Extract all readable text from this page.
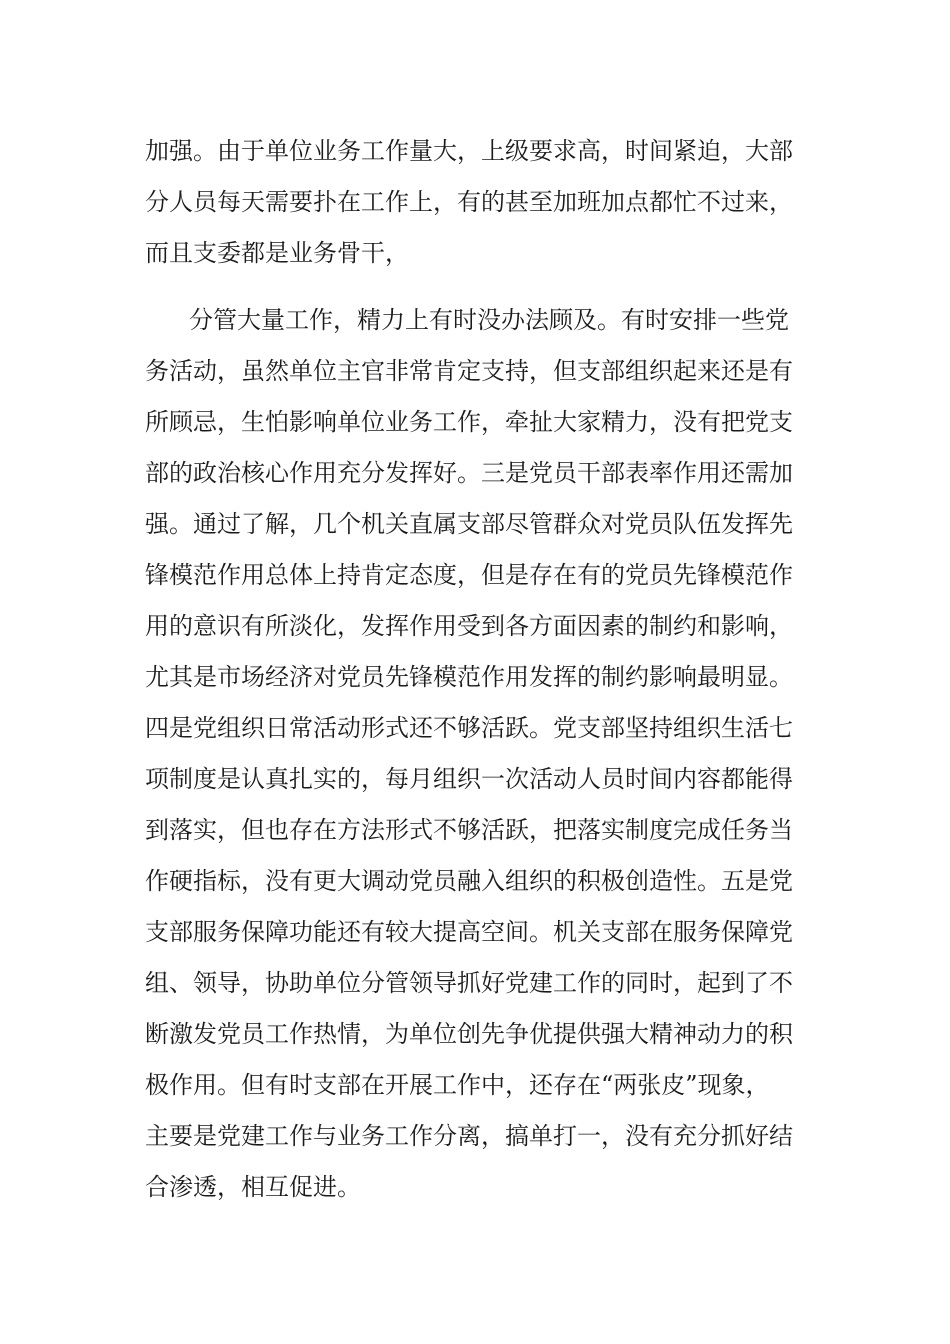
加强。由于单位业务工作量大，上级要求高，时间紧迫，大部
分人员每天需要扑在工作上，有的甚至加班加点都忙不过来，
而且支委都是业务骨干，
分管大量工作，精力上有时没办法顾及。有时安排一些党
务活动，虽然单位主官非常肯定支持，但支部组织起来还是有
所顾忌，生怕影响单位业务工作，牵扯大家精力，没有把党支
部的政治核心作用充分发挥好。三是党员干部表率作用还需加
强。通过了解，几个机关直属支部尽管群众对党员队伍发挥先
锋模范作用总体上持肯定态度，但是存在有的党员先锋模范作
用的意识有所淡化，发挥作用受到各方面因素的制约和影响，
尤其是市场经济对党员先锋模范作用发挥的制约影响最明显。
四是党组织日常活动形式还不够活跃。党支部坚持组织生活七
项制度是认真扎实的，每月组织一次活动人员时间内容都能得
到落实，但也存在方法形式不够活跃，把落实制度完成任务当
作硬指标，没有更大调动党员融入组织的积极创造性。五是党
支部服务保障功能还有较大提高空间。机关支部在服务保障党
组、领导，协助单位分管领导抓好党建工作的同时，起到了不
断激发党员工作热情，为单位创先争优提供强大精神动力的积
极作用。但有时支部在开展工作中，还存在“两张皮”现象，
主要是党建工作与业务工作分离，搞单打一，没有充分抓好结
合渗透，相互促进。
